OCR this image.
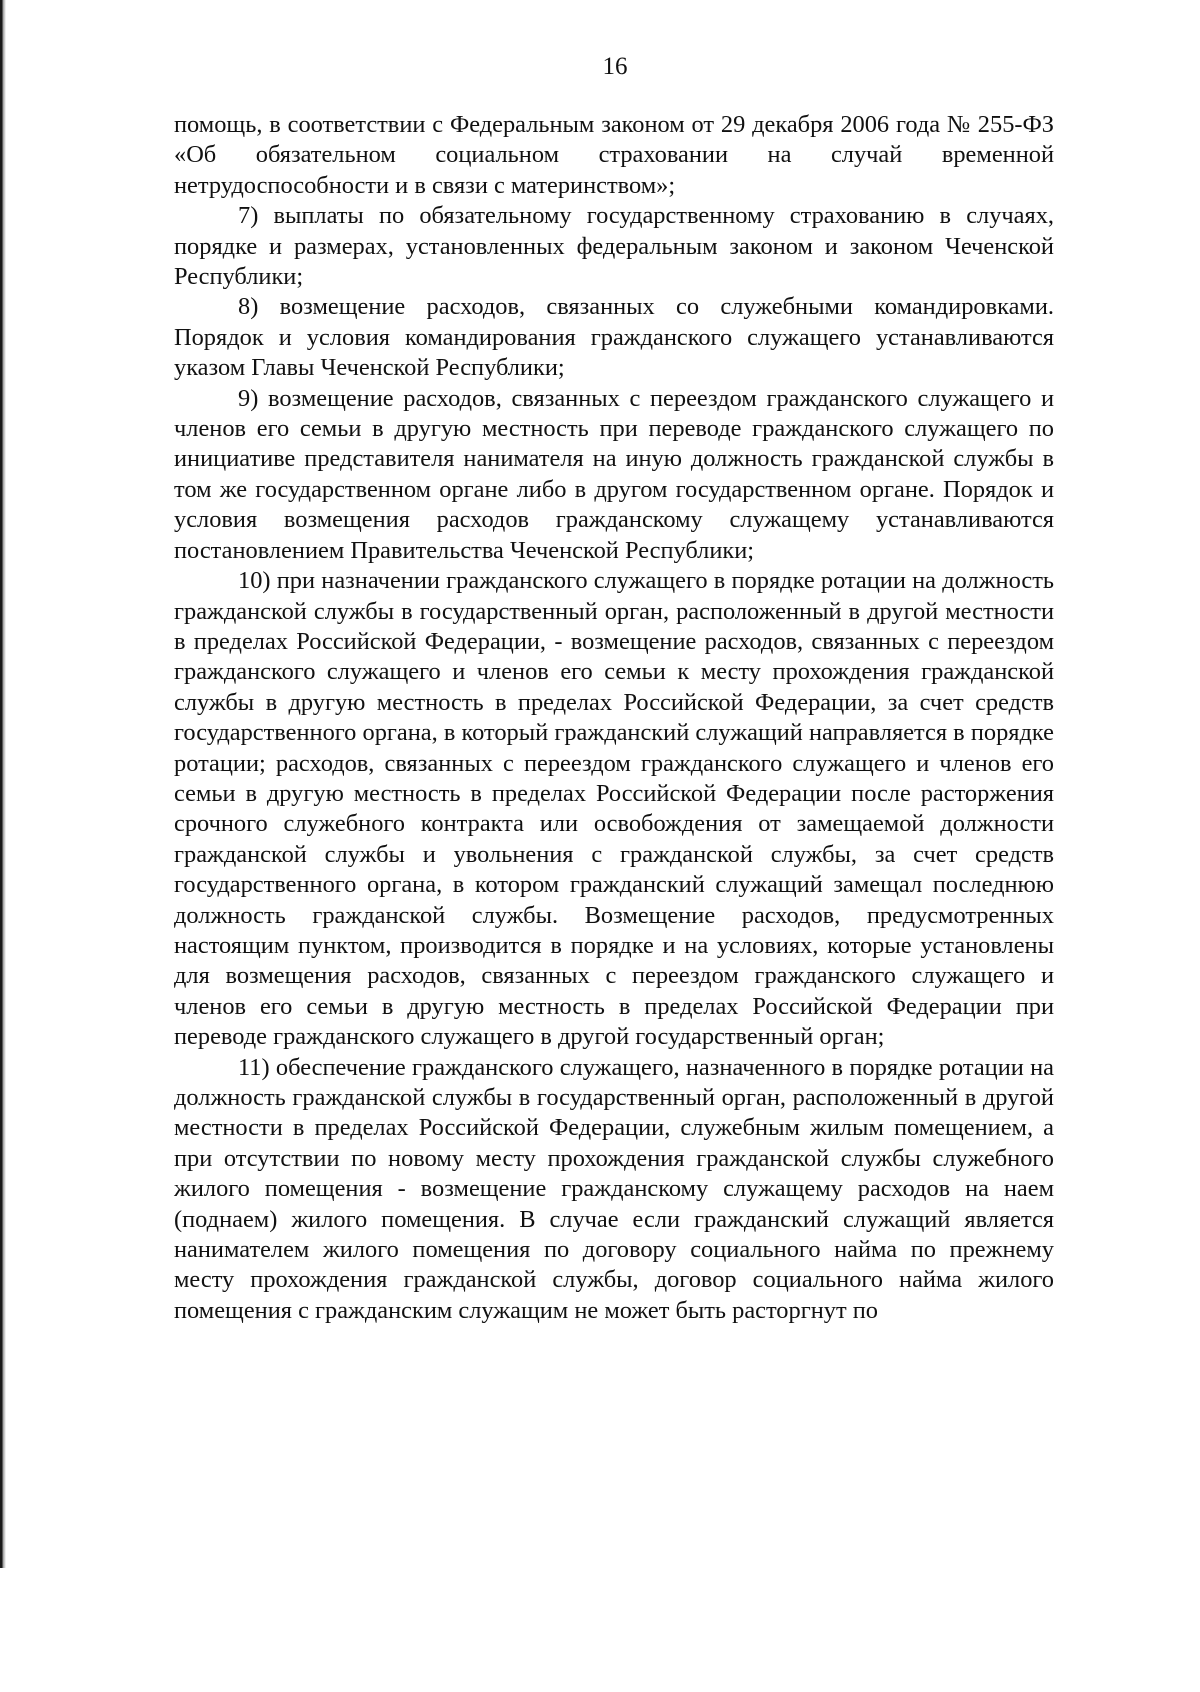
16

помощь, в соответствии с Федеральным законом от 29 декабря 2006 года № 255-ФЗ «Об обязательном социальном страховании на случай временной нетрудоспособности и в связи с материнством»;

7) выплаты по обязательному государственному страхованию в случаях, порядке и размерах, установленных федеральным законом и законом Чеченской Республики;

8) возмещение расходов, связанных со служебными командировками. Порядок и условия командирования гражданского служащего устанавливаются указом Главы Чеченской Республики;

9) возмещение расходов, связанных с переездом гражданского служащего и членов его семьи в другую местность при переводе гражданского служащего по инициативе представителя нанимателя на иную должность гражданской службы в том же государственном органе либо в другом государственном органе. Порядок и условия возмещения расходов гражданскому служащему устанавливаются постановлением Правительства Чеченской Республики;

10) при назначении гражданского служащего в порядке ротации на должность гражданской службы в государственный орган, расположенный в другой местности в пределах Российской Федерации, - возмещение расходов, связанных с переездом гражданского служащего и членов его семьи к месту прохождения гражданской службы в другую местность в пределах Российской Федерации, за счет средств государственного органа, в который гражданский служащий направляется в порядке ротации; расходов, связанных с переездом гражданского служащего и членов его семьи в другую местность в пределах Российской Федерации после расторжения срочного служебного контракта или освобождения от замещаемой должности гражданской службы и увольнения с гражданской службы, за счет средств государственного органа, в котором гражданский служащий замещал последнюю должность гражданской службы. Возмещение расходов, предусмотренных настоящим пунктом, производится в порядке и на условиях, которые установлены для возмещения расходов, связанных с переездом гражданского служащего и членов его семьи в другую местность в пределах Российской Федерации при переводе гражданского служащего в другой государственный орган;

11) обеспечение гражданского служащего, назначенного в порядке ротации на должность гражданской службы в государственный орган, расположенный в другой местности в пределах Российской Федерации, служебным жилым помещением, а при отсутствии по новому месту прохождения гражданской службы служебного жилого помещения - возмещение гражданскому служащему расходов на наем (поднаем) жилого помещения. В случае если гражданский служащий является нанимателем жилого помещения по договору социального найма по прежнему месту прохождения гражданской службы, договор социального найма жилого помещения с гражданским служащим не может быть расторгнут по
